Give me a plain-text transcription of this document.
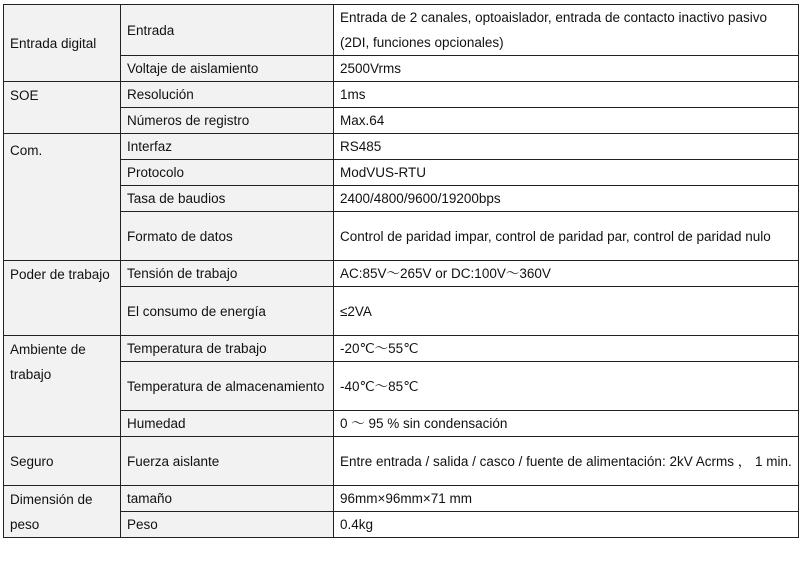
Entrada digital	Entrada	Entrada de 2 canales, optoaislador, entrada de contacto inactivo pasivo (2DI, funciones opcionales)
	Voltaje de aislamiento	2500Vrms
SOE	Resolución	1ms
	Números de registro	Max.64

Com.	Interfaz	RS485
	Protocolo	ModVUS-RTU
	Tasa de baudios	2400/4800/9600/19200bps
	Formato de datos	Control de paridad impar, control de paridad par, control de paridad nulo
Poder de trabajo	Tensión de trabajo	AC:85V～265V or DC:100V～360V
	El consumo de energía	≤2VA
Ambiente de trabajo	Temperatura de trabajo	-20℃～55℃
	Temperatura de almacenamiento	-40℃～85℃
	Humedad	0 ～ 95 % sin condensación
Seguro	Fuerza aislante	Entre entrada / salida / casco / fuente de alimentación: 2kV Acrms ， 1 min.
Dimensión de peso	tamaño	96mm×96mm×71 mm
	Peso	0.4kg
